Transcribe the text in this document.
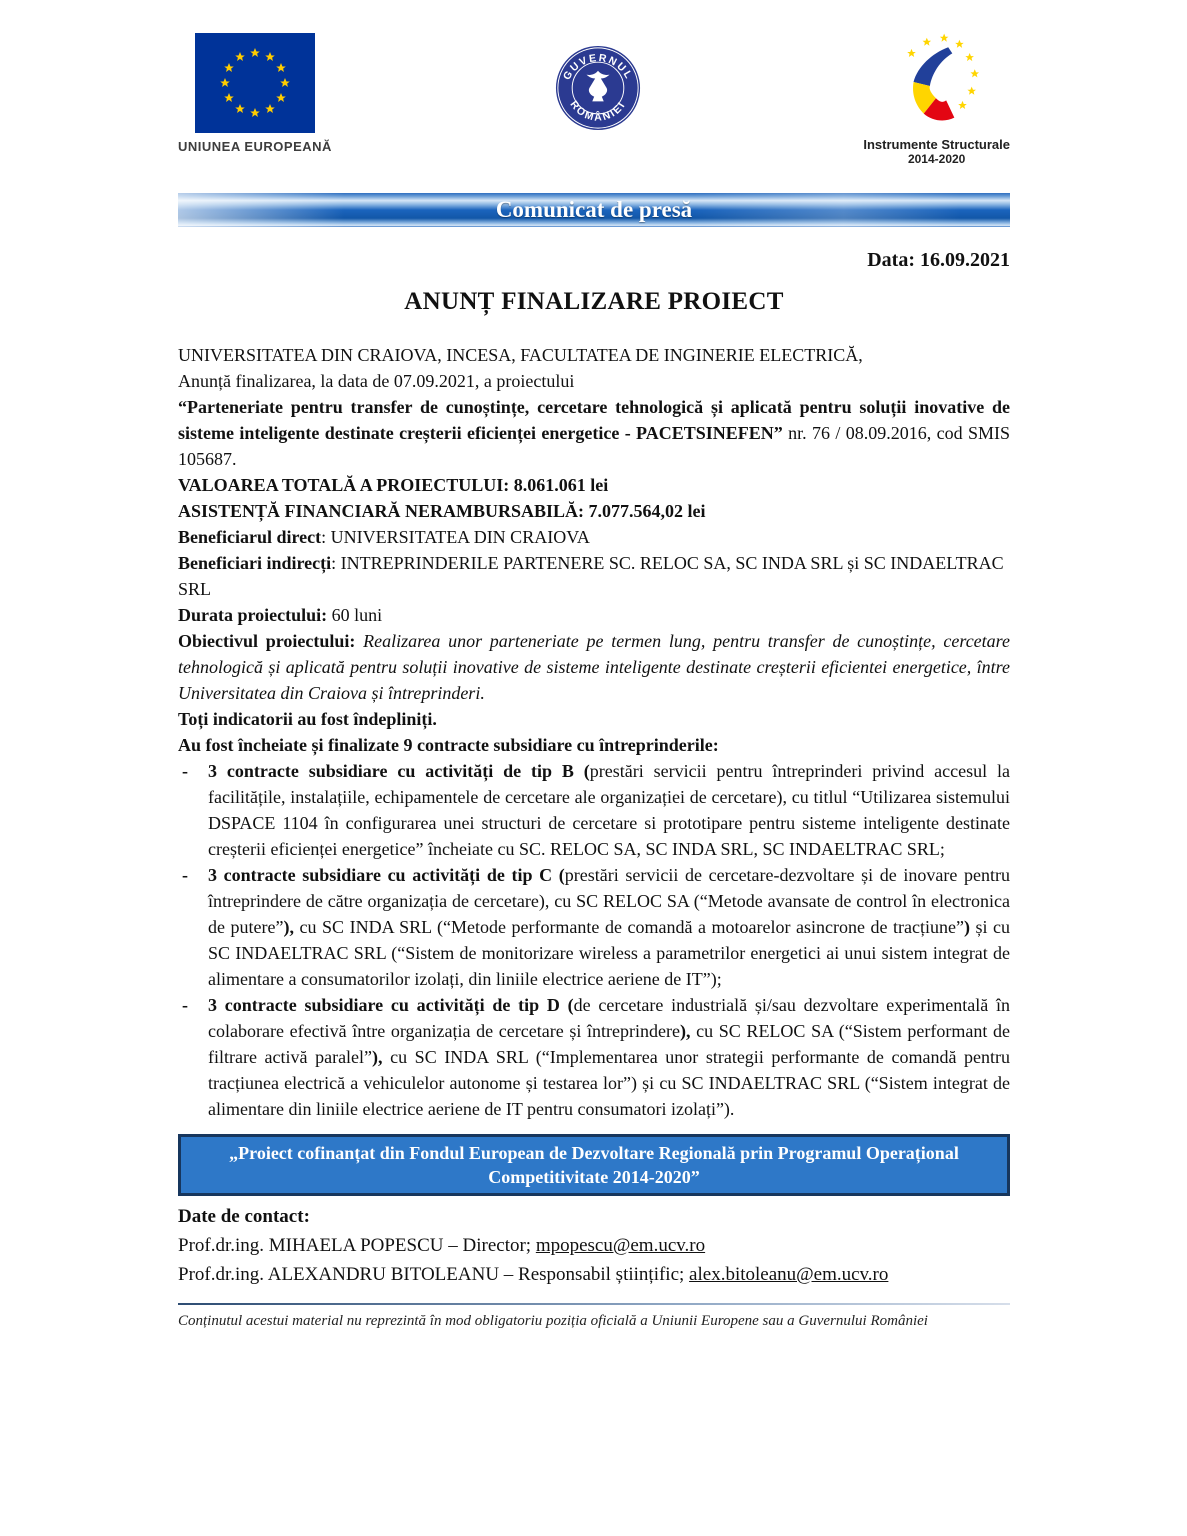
UNIUNEA EUROPEANĂ
GUVERNUL
ROMÂNIEI
Instrumente Structurale
2014-2020
Comunicat de presă
Data: 16.09.2021
ANUNȚ FINALIZARE PROIECT

UNIVERSITATEA DIN CRAIOVA, INCESA, FACULTATEA DE INGINERIE ELECTRICĂ,

Anunță finalizarea, la data de 07.09.2021, a proiectului

“Parteneriate pentru transfer de cunoștințe, cercetare tehnologică și aplicată pentru soluții inovative de sisteme inteligente destinate creșterii eficienței energetice - PACETSINEFEN” nr. 76 / 08.09.2016, cod SMIS 105687.

VALOAREA TOTALĂ A PROIECTULUI: 8.061.061 lei

ASISTENȚĂ FINANCIARĂ NERAMBURSABILĂ: 7.077.564,02 lei

Beneficiarul direct: UNIVERSITATEA DIN CRAIOVA

Beneficiari indirecți: INTREPRINDERILE PARTENERE SC. RELOC SA, SC INDA SRL și SC INDAELTRAC SRL

Durata proiectului: 60 luni

Obiectivul proiectului: Realizarea unor parteneriate pe termen lung, pentru transfer de cunoștințe, cercetare tehnologică și aplicată pentru soluții inovative de sisteme inteligente destinate creșterii eficientei energetice, între Universitatea din Craiova și întreprinderi.

Toți indicatorii au fost îndepliniți.

Au fost încheiate și finalizate 9 contracte subsidiare cu întreprinderile:

-	3 contracte subsidiare cu activități de tip B (prestări servicii pentru întreprinderi privind accesul la facilitățile, instalațiile, echipamentele de cercetare ale organizației de cercetare), cu titlul “Utilizarea sistemului DSPACE 1104 în configurarea unei structuri de cercetare si prototipare pentru sisteme inteligente destinate creșterii eficienței energetice” încheiate cu SC. RELOC SA, SC INDA SRL, SC INDAELTRAC SRL;
-	3 contracte subsidiare cu activități de tip C (prestări servicii de cercetare-dezvoltare și de inovare pentru întreprindere de către organizația de cercetare), cu SC RELOC SA (“Metode avansate de control în electronica de putere”), cu SC INDA SRL (“Metode performante de comandă a motoarelor asincrone de tracțiune”) și cu SC INDAELTRAC SRL (“Sistem de monitorizare wireless a parametrilor energetici ai unui sistem integrat de alimentare a consumatorilor izolați, din liniile electrice aeriene de IT”);
-	3 contracte subsidiare cu activități de tip D (de cercetare industrială și/sau dezvoltare experimentală în colaborare efectivă între organizația de cercetare și întreprindere), cu SC RELOC SA (“Sistem performant de filtrare activă paralel”), cu SC INDA SRL (“Implementarea unor strategii performante de comandă pentru tracțiunea electrică a vehiculelor autonome și testarea lor”) și cu SC INDAELTRAC SRL (“Sistem integrat de alimentare din liniile electrice aeriene de IT pentru consumatori izolați”).
„Proiect cofinanțat din Fondul European de Dezvoltare Regională prin Programul Operațional Competitivitate 2014-2020”

Date de contact:

Prof.dr.ing. MIHAELA POPESCU – Director; mpopescu@em.ucv.ro

Prof.dr.ing. ALEXANDRU BITOLEANU – Responsabil științific; alex.bitoleanu@em.ucv.ro

Conținutul acestui material nu reprezintă în mod obligatoriu poziția oficială a Uniunii Europene sau a Guvernului României
